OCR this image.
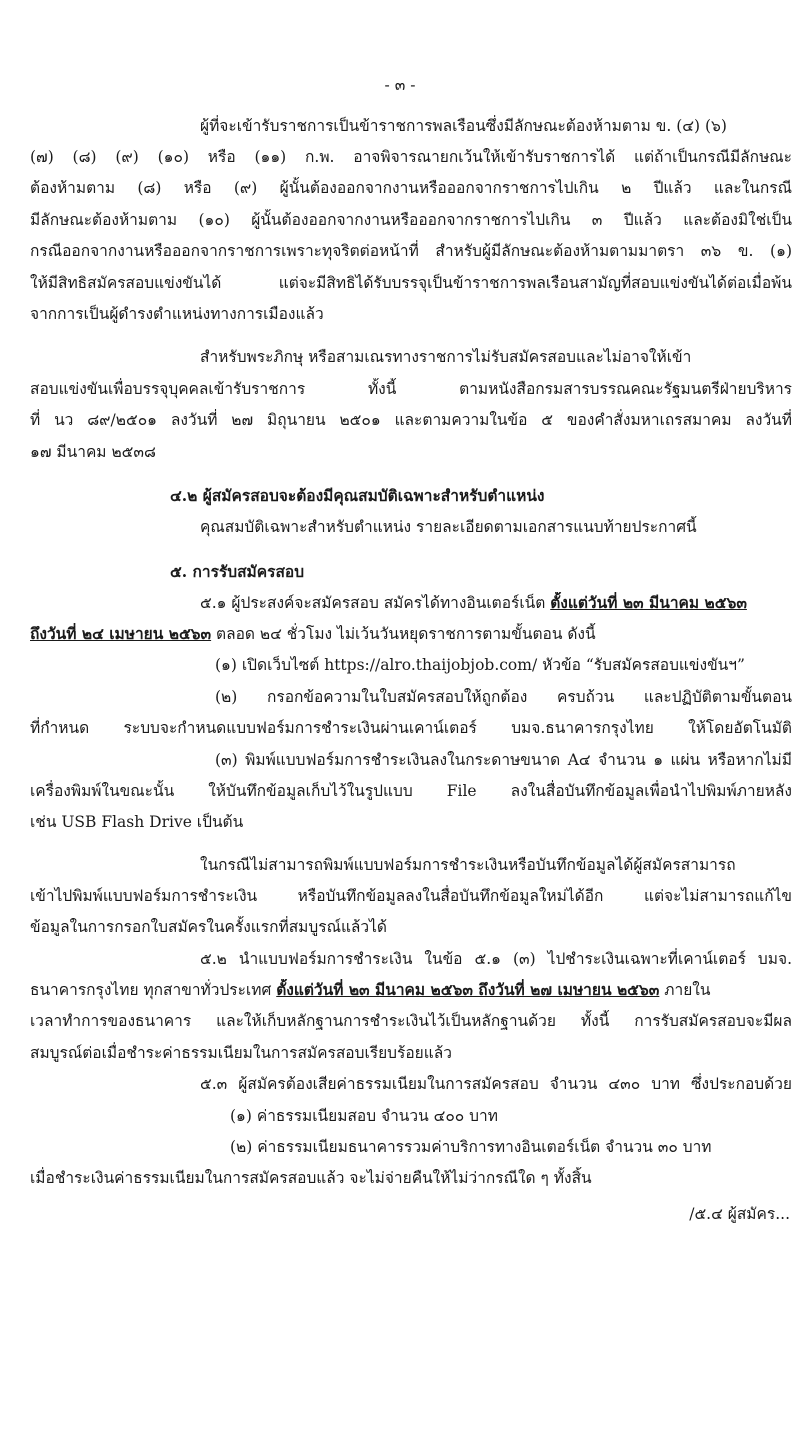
- ๓ -
ผู้ที่จะเข้ารับราชการเป็นข้าราชการพลเรือนซึ่งมีลักษณะต้องห้ามตาม ข. (๔) (๖)
(๗) (๘) (๙) (๑๐) หรือ (๑๑) ก.พ. อาจพิจารณายกเว้นให้เข้ารับราชการได้ แต่ถ้าเป็นกรณีมีลักษณะ
ต้องห้ามตาม (๘) หรือ (๙) ผู้นั้นต้องออกจากงานหรือออกจากราชการไปเกิน ๒ ปีแล้ว และในกรณี
มีลักษณะต้องห้ามตาม (๑๐) ผู้นั้นต้องออกจากงานหรือออกจากราชการไปเกิน ๓ ปีแล้ว และต้องมิใช่เป็น
กรณีออกจากงานหรือออกจากราชการเพราะทุจริตต่อหน้าที่ สำหรับผู้มีลักษณะต้องห้ามตามมาตรา ๓๖ ข. (๑)
ให้มีสิทธิสมัครสอบแข่งขันได้ แต่จะมีสิทธิได้รับบรรจุเป็นข้าราชการพลเรือนสามัญที่สอบแข่งขันได้ต่อเมื่อพ้น
จากการเป็นผู้ดำรงตำแหน่งทางการเมืองแล้ว
สำหรับพระภิกษุ หรือสามเณรทางราชการไม่รับสมัครสอบและไม่อาจให้เข้า
สอบแข่งขันเพื่อบรรจุบุคคลเข้ารับราชการ ทั้งนี้ ตามหนังสือกรมสารบรรณคณะรัฐมนตรีฝ่ายบริหาร
ที่ นว ๘๙/๒๕๐๑ ลงวันที่ ๒๗ มิถุนายน ๒๕๐๑ และตามความในข้อ ๕ ของคำสั่งมหาเถรสมาคม ลงวันที่
๑๗ มีนาคม ๒๕๓๘
๔.๒ ผู้สมัครสอบจะต้องมีคุณสมบัติเฉพาะสำหรับตำแหน่ง
คุณสมบัติเฉพาะสำหรับตำแหน่ง รายละเอียดตามเอกสารแนบท้ายประกาศนี้
๕. การรับสมัครสอบ
๕.๑ ผู้ประสงค์จะสมัครสอบ สมัครได้ทางอินเตอร์เน็ต ตั้งแต่วันที่ ๒๓ มีนาคม ๒๕๖๓
ถึงวันที่ ๒๔ เมษายน ๒๕๖๓ ตลอด ๒๔ ชั่วโมง ไม่เว้นวันหยุดราชการตามขั้นตอน ดังนี้
(๑) เปิดเว็บไซต์ https://alro.thaijobjob.com/ หัวข้อ “รับสมัครสอบแข่งขันฯ”
(๒) กรอกข้อความในใบสมัครสอบให้ถูกต้อง ครบถ้วน และปฏิบัติตามขั้นตอน
ที่กำหนด ระบบจะกำหนดแบบฟอร์มการชำระเงินผ่านเคาน์เตอร์ บมจ.ธนาคารกรุงไทย ให้โดยอัตโนมัติ
(๓) พิมพ์แบบฟอร์มการชำระเงินลงในกระดาษขนาด A๔ จำนวน ๑ แผ่น หรือหากไม่มี
เครื่องพิมพ์ในขณะนั้น ให้บันทึกข้อมูลเก็บไว้ในรูปแบบ File ลงในสื่อบันทึกข้อมูลเพื่อนำไปพิมพ์ภายหลัง
เช่น USB Flash Drive เป็นต้น
ในกรณีไม่สามารถพิมพ์แบบฟอร์มการชำระเงินหรือบันทึกข้อมูลได้ผู้สมัครสามารถ
เข้าไปพิมพ์แบบฟอร์มการชำระเงิน หรือบันทึกข้อมูลลงในสื่อบันทึกข้อมูลใหม่ได้อีก แต่จะไม่สามารถแก้ไข
ข้อมูลในการกรอกใบสมัครในครั้งแรกที่สมบูรณ์แล้วได้
๕.๒ นำแบบฟอร์มการชำระเงิน ในข้อ ๕.๑ (๓) ไปชำระเงินเฉพาะที่เคาน์เตอร์ บมจ.
ธนาคารกรุงไทย ทุกสาขาทั่วประเทศ ตั้งแต่วันที่ ๒๓ มีนาคม ๒๕๖๓ ถึงวันที่ ๒๗ เมษายน ๒๕๖๓ ภายใน
เวลาทำการของธนาคาร และให้เก็บหลักฐานการชำระเงินไว้เป็นหลักฐานด้วย ทั้งนี้ การรับสมัครสอบจะมีผล
สมบูรณ์ต่อเมื่อชำระค่าธรรมเนียมในการสมัครสอบเรียบร้อยแล้ว
๕.๓ ผู้สมัครต้องเสียค่าธรรมเนียมในการสมัครสอบ จำนวน ๔๓๐ บาท ซึ่งประกอบด้วย
(๑) ค่าธรรมเนียมสอบ จำนวน ๔๐๐ บาท
(๒) ค่าธรรมเนียมธนาคารรวมค่าบริการทางอินเตอร์เน็ต จำนวน ๓๐ บาท
เมื่อชำระเงินค่าธรรมเนียมในการสมัครสอบแล้ว จะไม่จ่ายคืนให้ไม่ว่ากรณีใด ๆ ทั้งสิ้น
/๕.๔ ผู้สมัคร...
